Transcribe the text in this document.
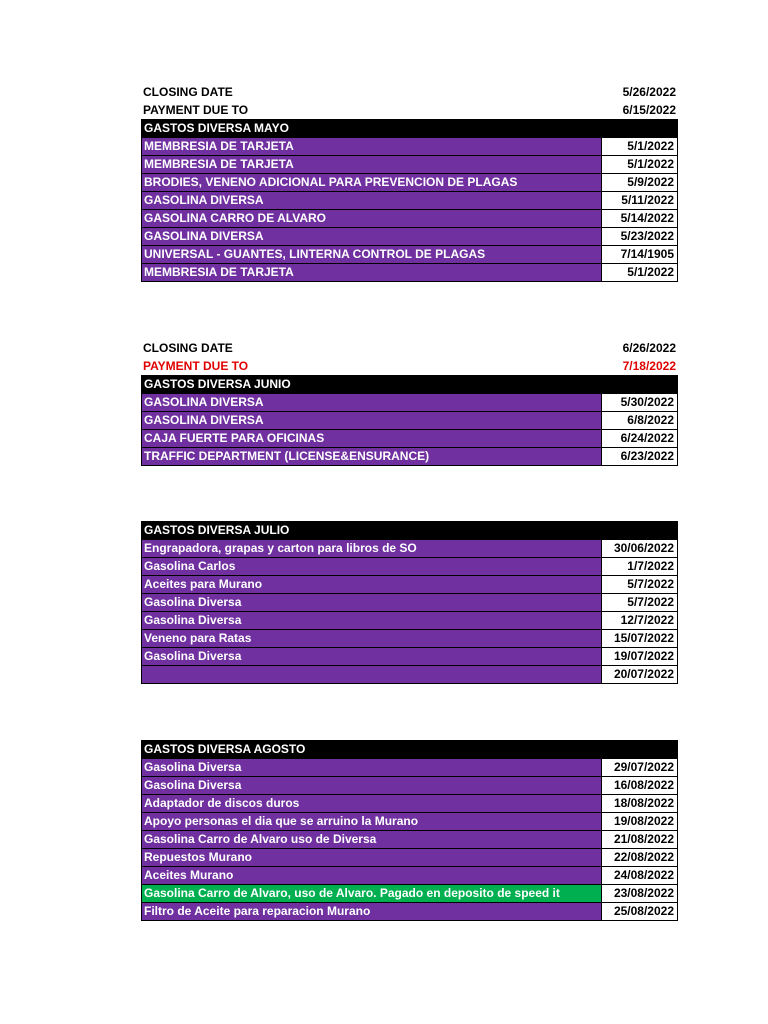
CLOSING DATE	5/26/2022
PAYMENT DUE TO	6/15/2022
GASTOS DIVERSA MAYO	
MEMBRESIA DE TARJETA	5/1/2022
MEMBRESIA DE TARJETA	5/1/2022
BRODIES, VENENO ADICIONAL PARA PREVENCION DE PLAGAS	5/9/2022
GASOLINA DIVERSA	5/11/2022
GASOLINA CARRO DE ALVARO	5/14/2022
GASOLINA DIVERSA	5/23/2022
UNIVERSAL - GUANTES, LINTERNA CONTROL DE PLAGAS	7/14/1905
MEMBRESIA DE TARJETA	5/1/2022
CLOSING DATE	6/26/2022
PAYMENT DUE TO	7/18/2022
GASTOS DIVERSA JUNIO	
GASOLINA DIVERSA	5/30/2022
GASOLINA DIVERSA	6/8/2022
CAJA FUERTE PARA OFICINAS	6/24/2022
TRAFFIC DEPARTMENT (LICENSE&ENSURANCE)	6/23/2022
GASTOS DIVERSA JULIO	
Engrapadora, grapas y carton para libros de SO	30/06/2022
Gasolina Carlos	1/7/2022
Aceites para Murano	5/7/2022
Gasolina Diversa	5/7/2022
Gasolina Diversa	12/7/2022
Veneno para Ratas	15/07/2022
Gasolina Diversa	19/07/2022
	20/07/2022
GASTOS DIVERSA AGOSTO	
Gasolina Diversa	29/07/2022
Gasolina Diversa	16/08/2022
Adaptador de discos duros	18/08/2022
Apoyo personas el dia que se arruino la Murano	19/08/2022
Gasolina Carro de Alvaro uso de Diversa	21/08/2022
Repuestos Murano	22/08/2022
Aceites Murano	24/08/2022
Gasolina Carro de Alvaro, uso de Alvaro. Pagado en deposito de speed it	23/08/2022
Filtro de Aceite para reparacion Murano	25/08/2022
